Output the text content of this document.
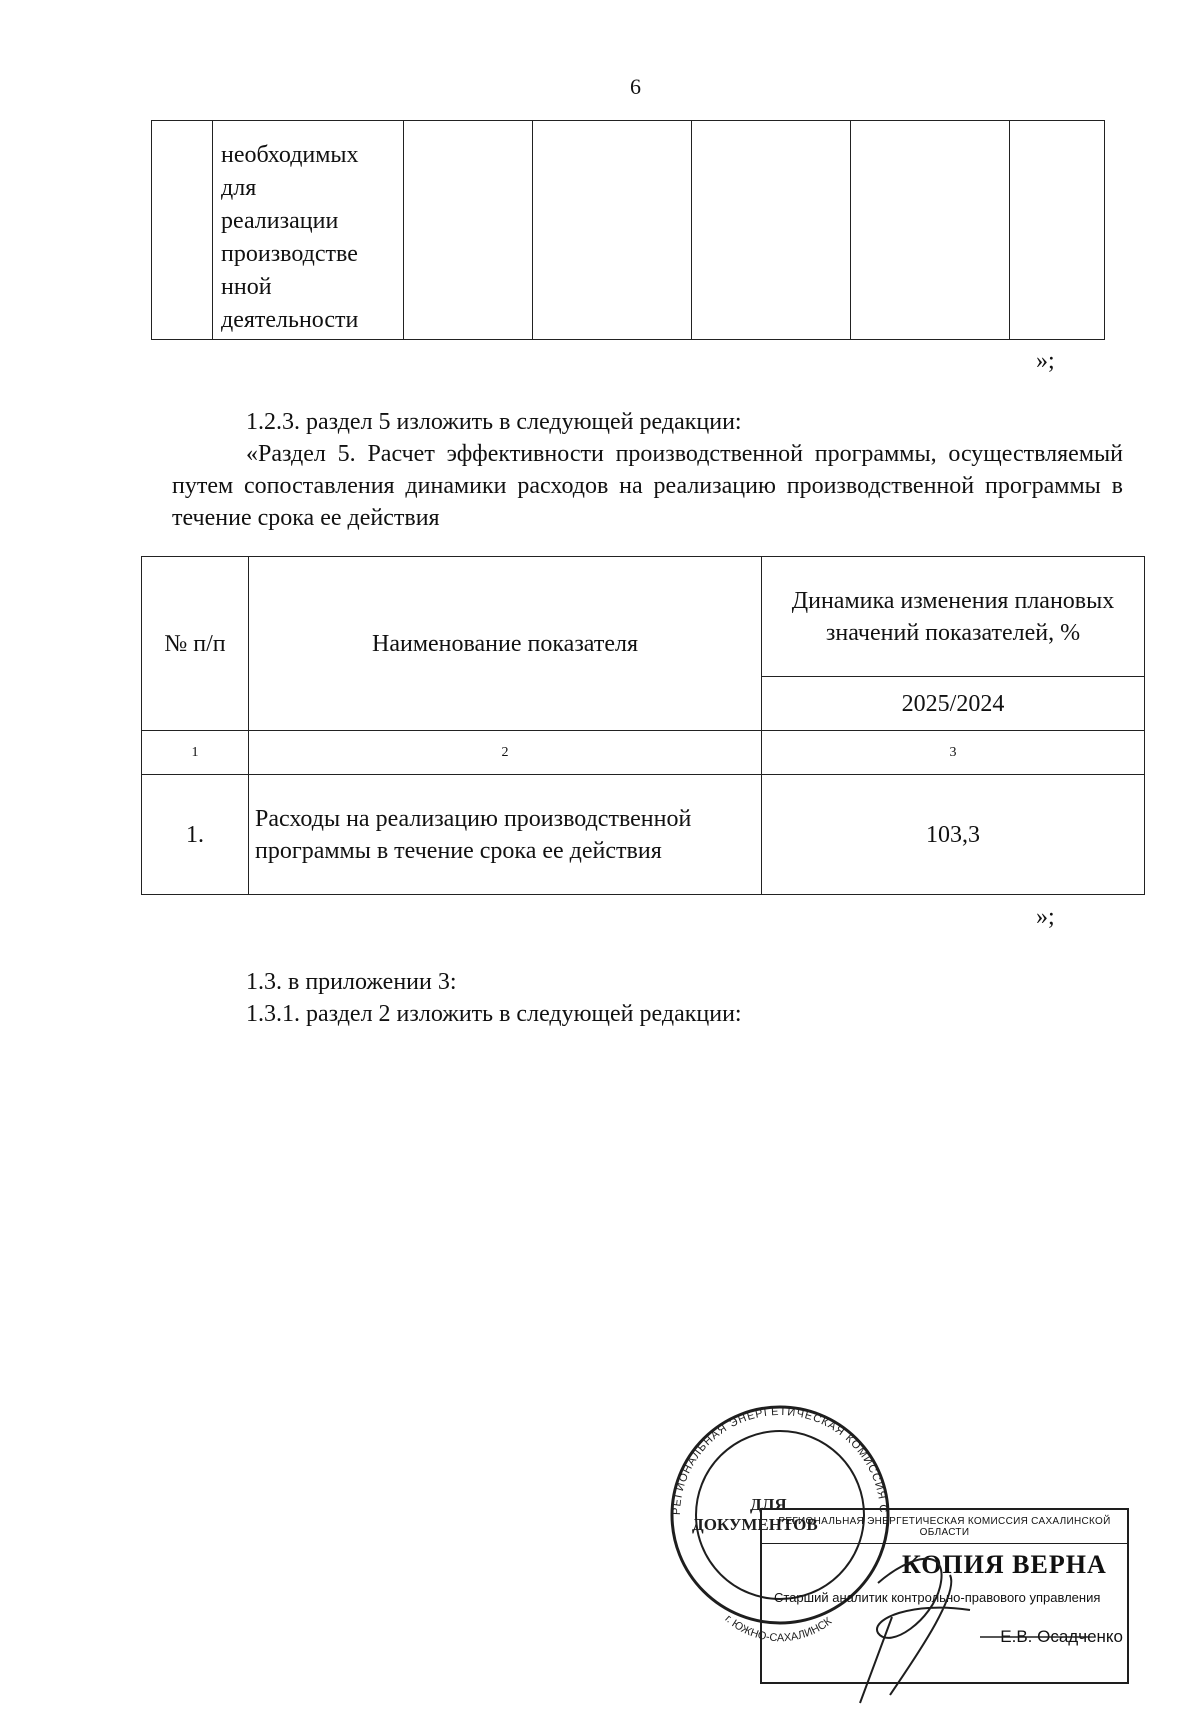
6

необходимых
для
реализации
производстве
нной
деятельности

»;
1.2.3. раздел 5 изложить в следующей редакции:
«Раздел 5. Расчет эффективности производственной программы, осуществляемый путем сопоставления динамики расходов на реализацию производственной программы в течение срока ее действия
№ п/п	Наименование показателя	Динамика изменения плановых значений показателей, %
		2025/2024
1	2	3
1.	Расходы на реализацию производственной программы в течение срока ее действия	103,3
»;
1.3. в приложении 3:
1.3.1. раздел 2 изложить в следующей редакции:
РЕГИОНАЛЬНАЯ ЭНЕРГЕТИЧЕСКАЯ КОМИССИЯ С
г. ЮЖНО-САХАЛИНСК
ДЛЯ
ДОКУМЕНТОВ
РЕГИОНАЛЬНАЯ ЭНЕРГЕТИЧЕСКАЯ КОМИССИЯ САХАЛИНСКОЙ ОБЛАСТИ
КОПИЯ ВЕРНА
Старший аналитик контрольно-правового управления
Е.В. Осадченко
